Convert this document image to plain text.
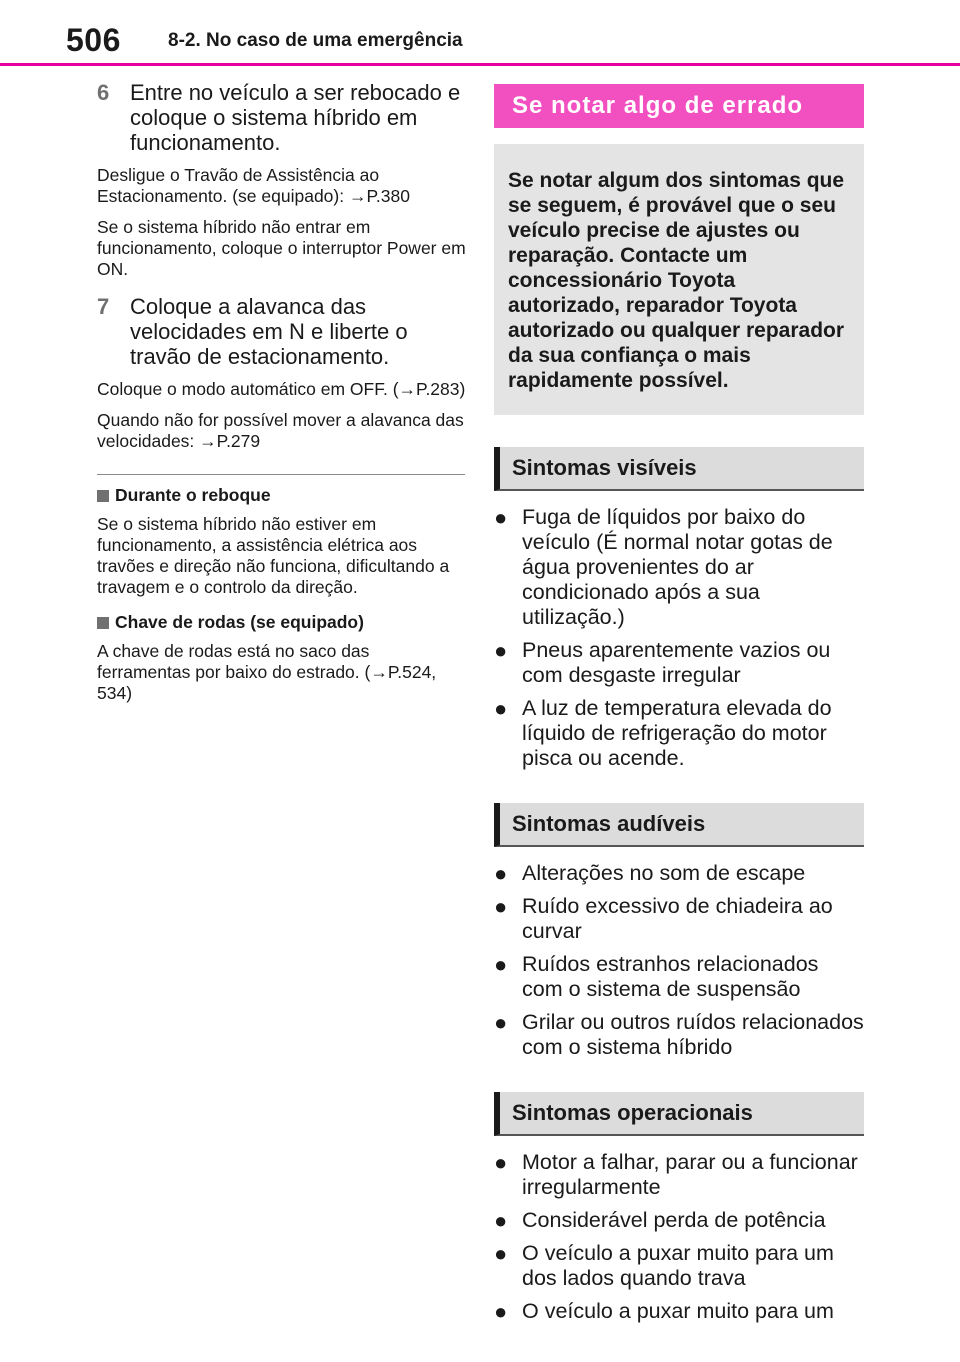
506 8-2. No caso de uma emergência
6 Entre no veículo a ser rebocado e coloque o sistema híbrido em funcionamento.
Desligue o Travão de Assistência ao Estacionamento. (se equipado): →P.380
Se o sistema híbrido não entrar em funcionamento, coloque o interruptor Power em ON.
7 Coloque a alavanca das velocidades em N e liberte o travão de estacionamento.
Coloque o modo automático em OFF. (→P.283)
Quando não for possível mover a alavanca das velocidades: →P.279
Durante o reboque
Se o sistema híbrido não estiver em funcionamento, a assistência elétrica aos travões e direção não funciona, dificultando a travagem e o controlo da direção.
Chave de rodas (se equipado)
A chave de rodas está no saco das ferramentas por baixo do estrado. (→P.524, 534)
Se notar algo de errado
Se notar algum dos sintomas que se seguem, é provável que o seu veículo precise de ajustes ou reparação. Contacte um concessionário Toyota autorizado, reparador Toyota autorizado ou qualquer reparador da sua confiança o mais rapidamente possível.
Sintomas visíveis
● Fuga de líquidos por baixo do veículo (É normal notar gotas de água provenientes do ar condicionado após a sua utilização.)
● Pneus aparentemente vazios ou com desgaste irregular
● A luz de temperatura elevada do líquido de refrigeração do motor pisca ou acende.
Sintomas audíveis
● Alterações no som de escape
● Ruído excessivo de chiadeira ao curvar
● Ruídos estranhos relacionados com o sistema de suspensão
● Grilar ou outros ruídos relacionados com o sistema híbrido
Sintomas operacionais
● Motor a falhar, parar ou a funcionar irregularmente
● Considerável perda de potência
● O veículo a puxar muito para um dos lados quando trava
● O veículo a puxar muito para um
